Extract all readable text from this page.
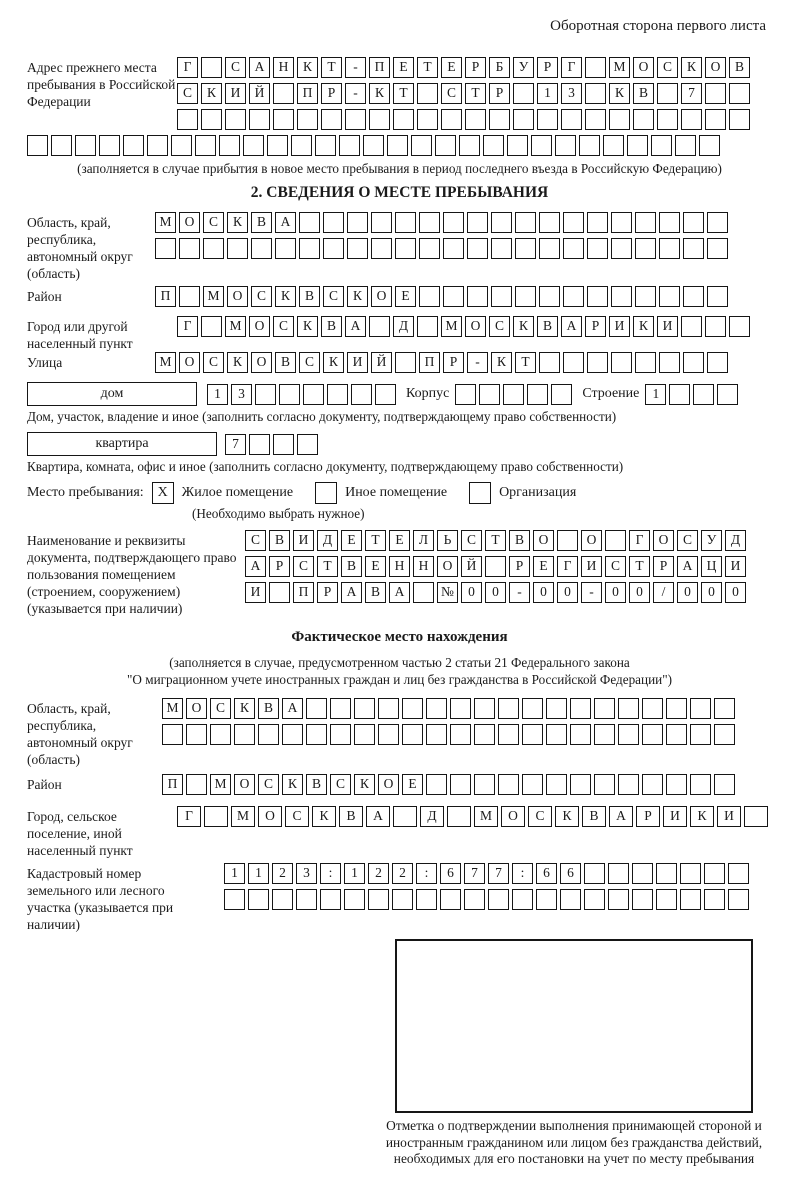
Оборотная сторона первого листа
Адрес прежнего места пребывания в Российской Федерации
Г	С	А	Н	К	Т	-	П	Е	Т	Е	Р	Б	У	Р	Г	М О	С	К	О	В
С	К	И	Й	П	Р	-	К	Т	С	Т	Р	1	3	К	В	7
(заполняется в случае прибытия в новое место пребывания в период последнего въезда в Российскую Федерацию)
2. СВЕДЕНИЯ О МЕСТЕ ПРЕБЫВАНИЯ
Область, край, республика, автономный округ (область)
М О	С	К	В	А
Район	П	М О	С	К	В	С	К	О	Е
Город или другой населенный пункт
Г	М О	С	К	В	А	Д	М О	С	К	В	А	Р	И	К	И
Улица	М О	С	К	О	В	С	К	И	Й	П	Р	-	К	Т
дом	1	3	Корпус	Строение 1
Дом, участок, владение и иное (заполнить согласно документу, подтверждающему право собственности)
квартира	7
Квартира, комната, офис и иное (заполнить согласно документу, подтверждающему право собственности)
Место пребывания: X Жилое помещение	Иное помещение	Организация
(Необходимо выбрать нужное)
Наименование и реквизиты документа, подтверждающего право пользования помещением (строением, сооружением) (указывается при наличии)
С	В	И	Д	Е	Т	Е	Л	Ь	С	Т	В	О	О	Г	О	С	У	Д
А	Р	С	Т	В	Е	Н	Н	О	Й	Р	Е	Г	И	С	Т	Р	А	Ц	И
И	П	Р	А	В	А	№	0	0	-	0	0	-	0	0	/	0	0	0
Фактическое место нахождения
(заполняется в случае, предусмотренном частью 2 статьи 21 Федерального закона
"О миграционном учете иностранных граждан и лиц без гражданства в Российской Федерации")
Область, край, республика, автономный округ (область)
М О	С	К	В	А
Район	П	М О	С	К	В	С	К	О	Е
Город, сельское поселение, иной населенный пункт
Г	М	О	С	К	В	А	Д	М	О	С	К	В	А	Р	И	К	И
Кадастровый номер земельного или лесного участка (указывается при наличии)
1	1	2	3	:	1	2	2	:	6	7	7	:	6	6
Отметка о подтверждении выполнения принимающей стороной и иностранным гражданином или лицом без гражданства действий, необходимых для его постановки на учет по месту пребывания
